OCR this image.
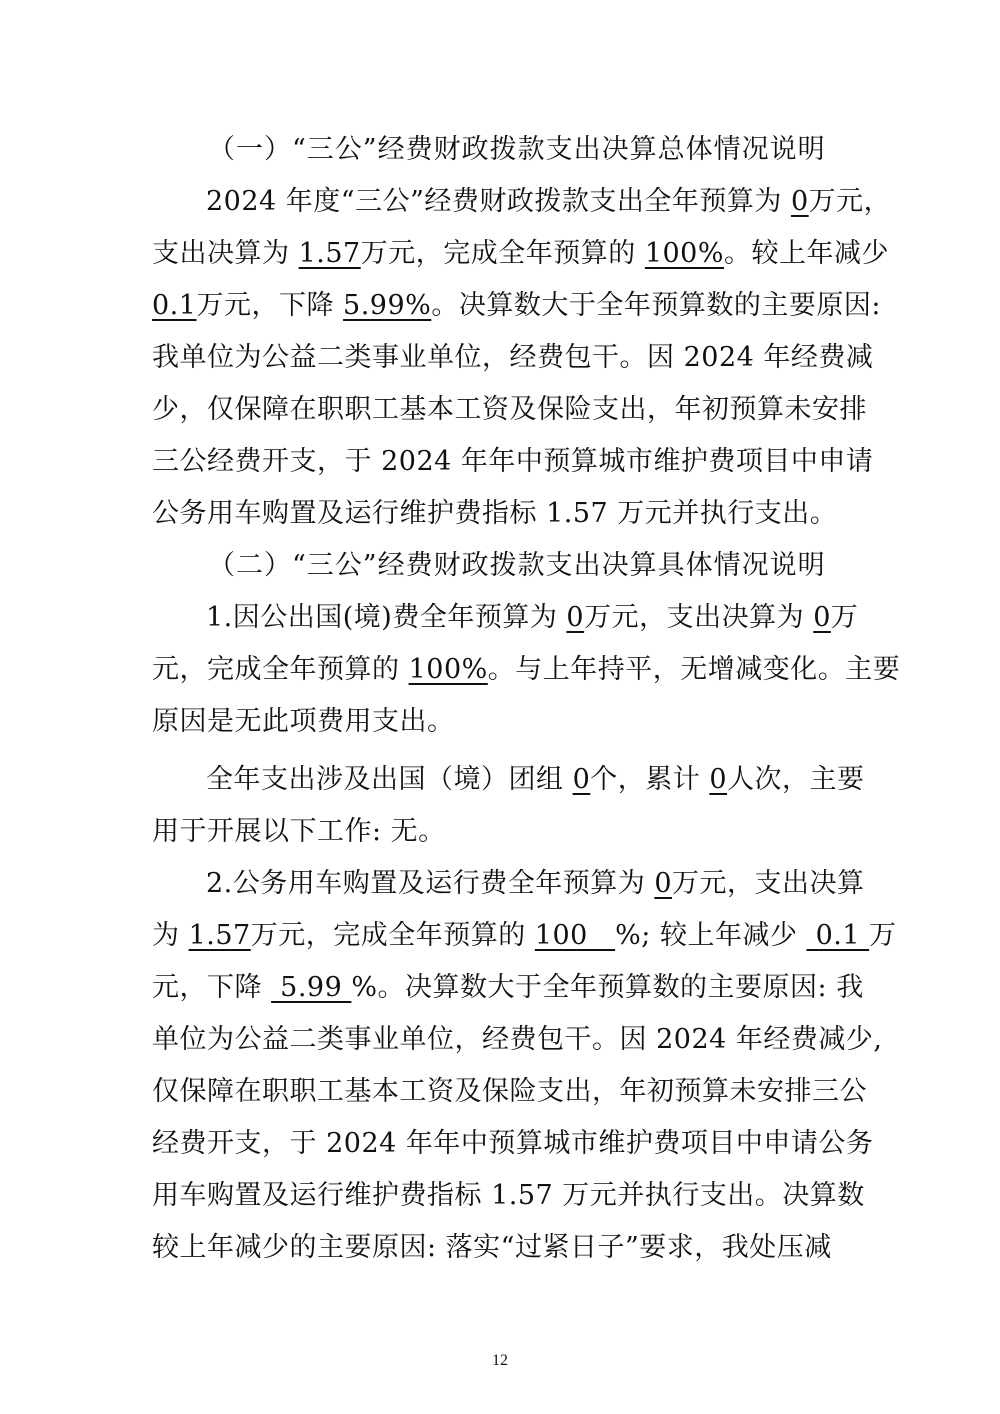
（一）“三公”经费财政拨款支出决算总体情况说明
2024 年度“三公”经费财政拨款支出全年预算为 0万元，
支出决算为 1.57万元，完成全年预算的 100%。较上年减少
0.1万元，下降 5.99%。决算数大于全年预算数的主要原因:
我单位为公益二类事业单位，经费包干。因 2024 年经费减
少，仅保障在职职工基本工资及保险支出，年初预算未安排
三公经费开支，于 2024 年年中预算城市维护费项目中申请
公务用车购置及运行维护费指标 1.57 万元并执行支出。
（二）“三公”经费财政拨款支出决算具体情况说明
1.因公出国(境)费全年预算为 0万元，支出决算为 0万
元，完成全年预算的 100%。与上年持平，无增减变化。主要
原因是无此项费用支出。
全年支出涉及出国（境）团组 0个，累计 0人次，主要
用于开展以下工作: 无。
2.公务用车购置及运行费全年预算为 0万元，支出决算
为 1.57万元，完成全年预算的 100   %; 较上年减少  0.1 万
元，下降  5.99 %。决算数大于全年预算数的主要原因: 我
单位为公益二类事业单位，经费包干。因 2024 年经费减少,
仅保障在职职工基本工资及保险支出，年初预算未安排三公
经费开支，于 2024 年年中预算城市维护费项目中申请公务
用车购置及运行维护费指标 1.57 万元并执行支出。决算数
较上年减少的主要原因: 落实“过紧日子”要求，我处压减
12
